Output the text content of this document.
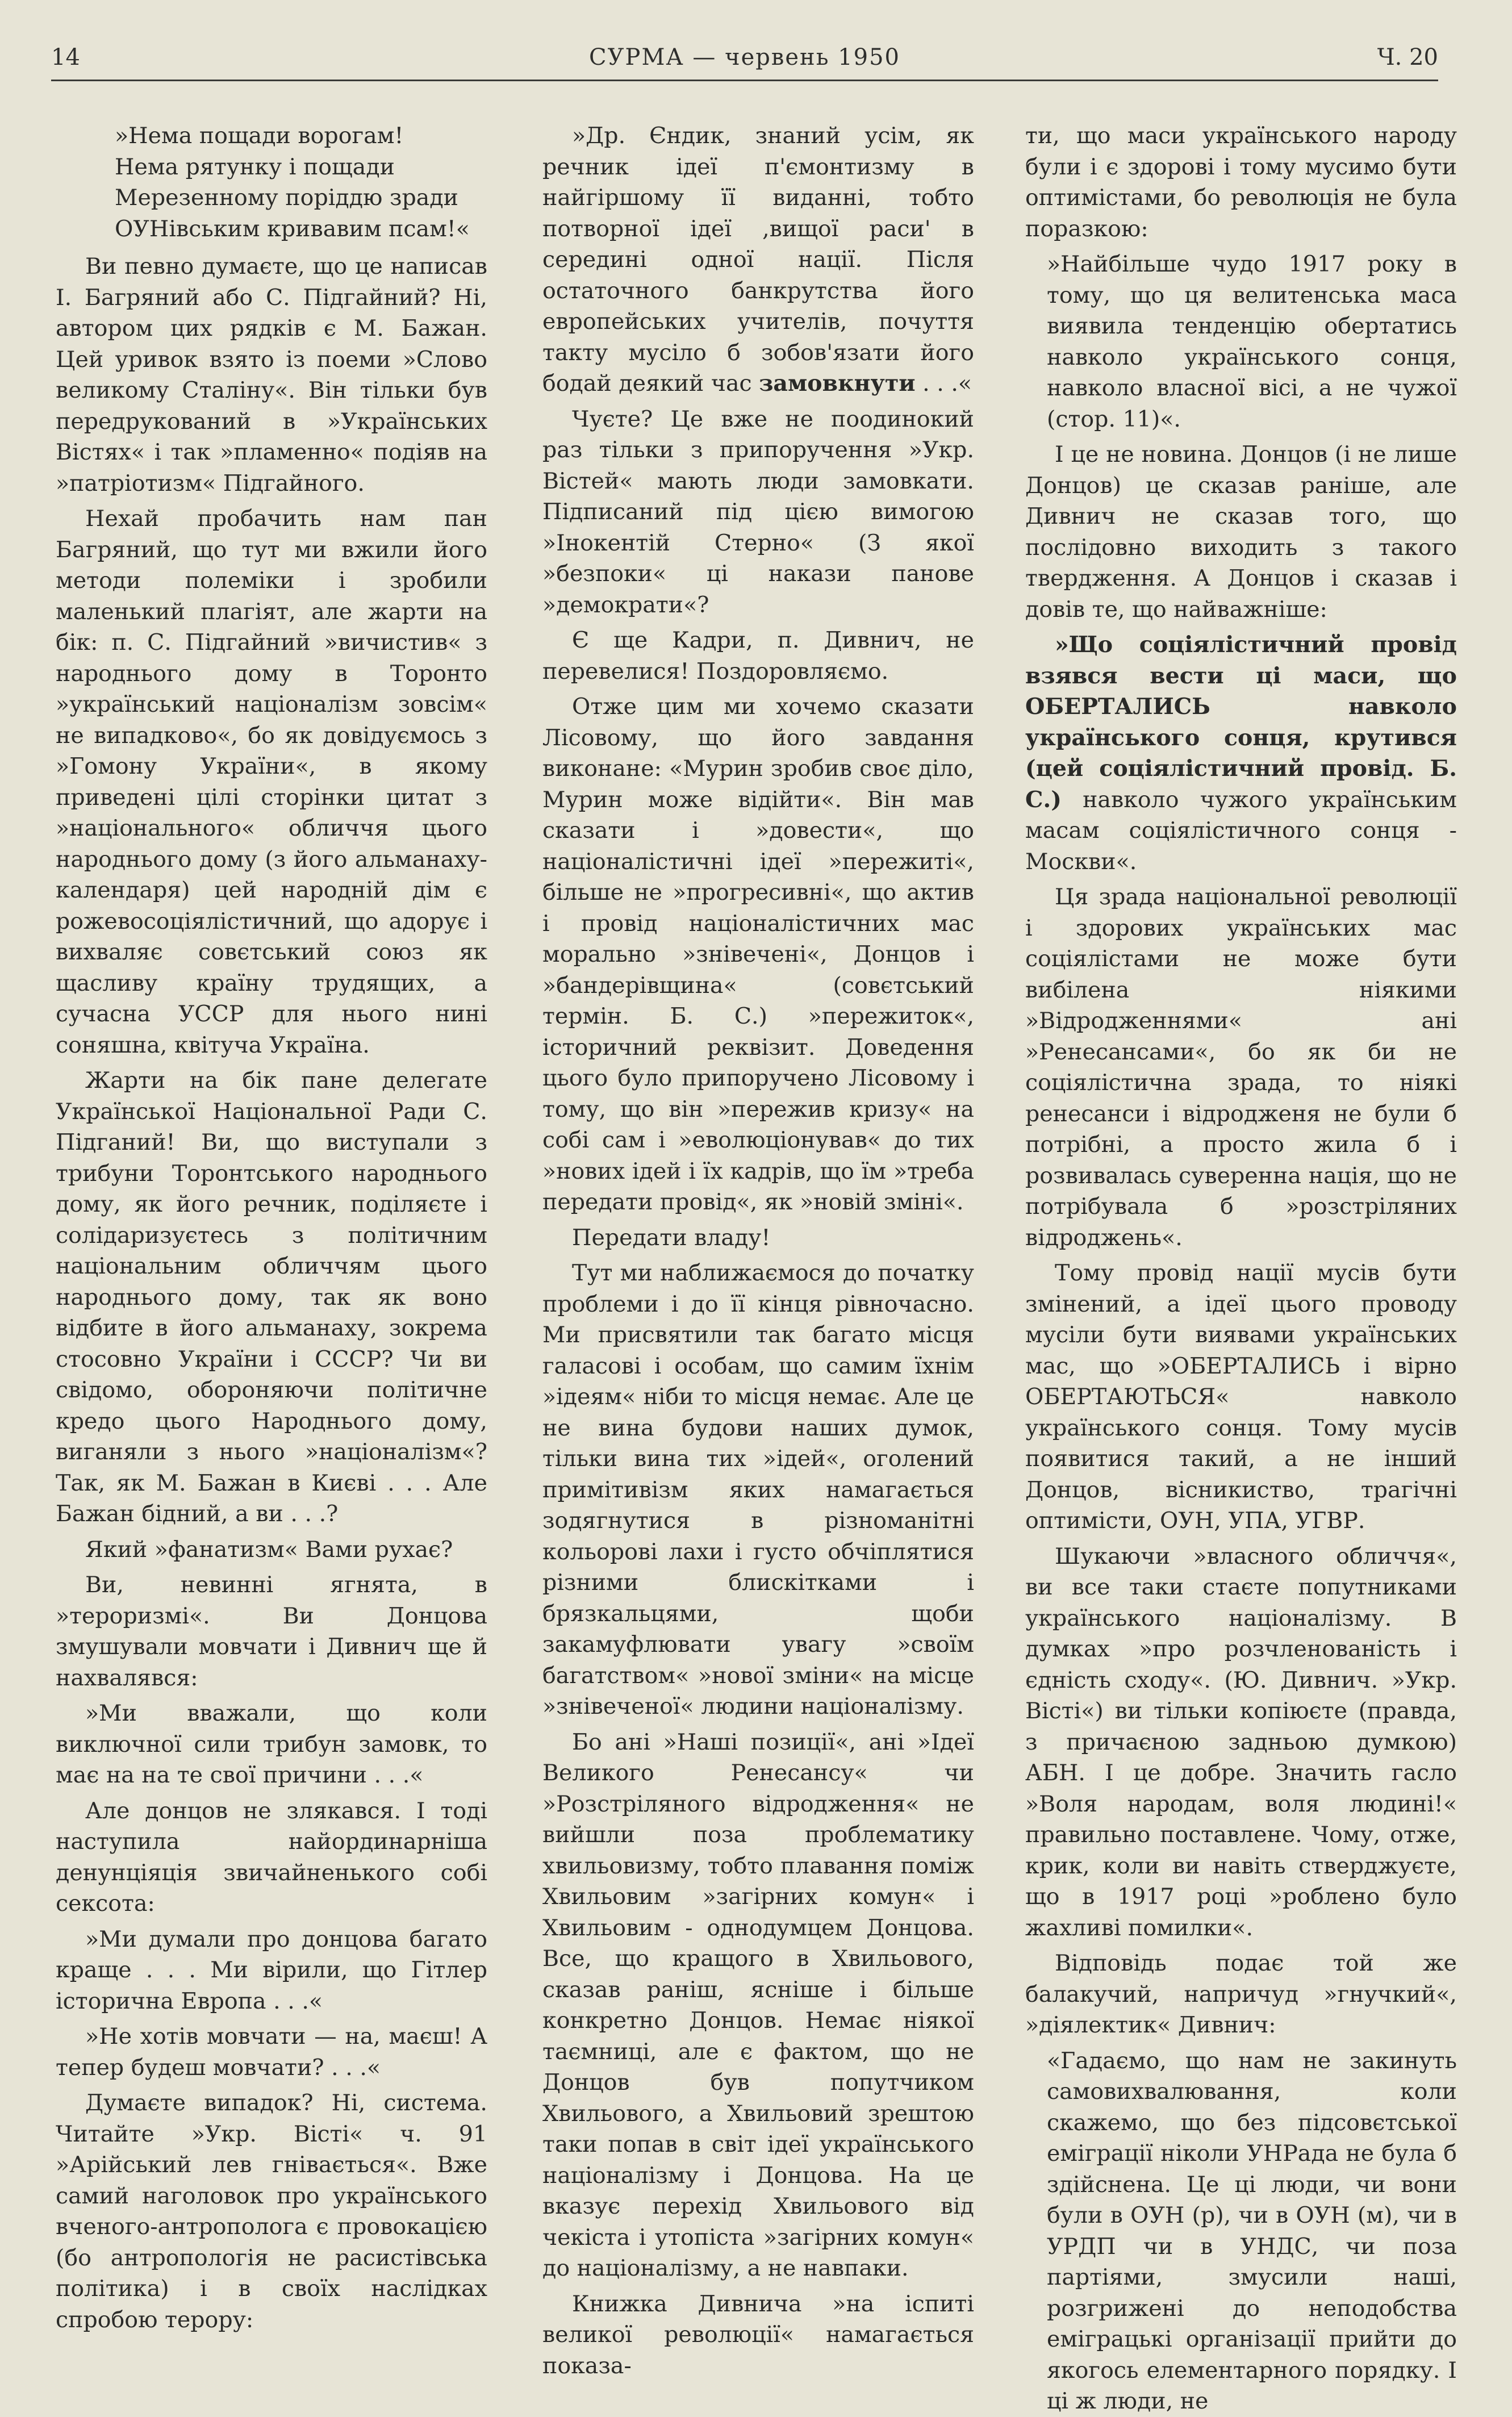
14	СУРМА — червень 1950	Ч. 20

»Нема пощади ворогам!

Нема рятунку і пощади

Мерезенному поріддю зради

ОУНівським кривавим псам!«

Ви певно думаєте, що це написав І. Багряний або С. Підгайний? Ні, автором цих рядків є М. Бажан. Цей уривок взято із поеми »Слово великому Сталіну«. Він тільки був передрукований в »Українських Вістях« і так »пламенно« подіяв на »патріотизм« Підгайного.

Нехай пробачить нам пан Багряний, що тут ми вжили його методи полеміки і зробили маленький плагіят, але жарти на бік: п. С. Підгайний »вичистив« з народнього дому в Торонто »український націоналізм зовсім« не випадково«, бо як довідуємось з »Гомону України«, в якому приведені цілі сторінки цитат з »національного« обличчя цього народнього дому (з його альманаху-календаря) цей народній дім є рожевосоціялістичний, що адорує і вихваляє совєтський союз як щасливу країну трудящих, а сучасна УССР для нього нині соняшна, квітуча Україна.

Жарти на бік пане делегате Української Національної Ради С. Підганий! Ви, що виступали з трибуни Торонтського народнього дому, як його речник, поділяєте і солідаризуєтесь з політичним національним обличчям цього народнього дому, так як воно відбите в його альманаху, зокрема стосовно України і СССР? Чи ви свідомо, обороняючи політичне кредо цього Народнього дому, виганяли з нього »націоналізм«? Так, як М. Бажан в Києві . . . Але Бажан бідний, а ви . . .?

Який »фанатизм« Вами рухає?

Ви, невинні ягнята, в »тероризмі«. Ви Донцова змушували мовчати і Дивнич ще й нахвалявся:

»Ми вважали, що коли виключної сили трибун замовк, то має на на те свої причини . . .«

Але донцов не злякався. І тоді наступила найординарніша денунціяція звичайненького собі сексота:

»Ми думали про донцова багато краще . . . Ми вірили, що Гітлер історична Европа . . .«

»Не хотів мовчати — на, маєш! А тепер будеш мовчати? . . .«

Думаєте випадок? Ні, система. Читайте »Укр. Вісті« ч. 91 »Арійський лев гнівається«. Вже самий наголовок про українського вченого-антрополога є провокацією (бо антропологія не расистівська політика) і в своїх наслідках спробою терору:

»Др. Єндик, знаний усім, як речник ідеї п'ємонтизму в найгіршому її виданні, тобто потворної ідеї ,вищої раси' в середині одної нації. Після остаточного банкрутства його европейських учителів, почуття такту мусіло б зобов'язати його бодай деякий час замовкнути . . .«

Чуєте? Це вже не поодинокий раз тільки з припоручення »Укр. Вістей« мають люди замовкати. Підписаний під цією вимогою »Інокентій Стерно« (З якої »безпоки« ці накази панове »демократи«?

Є ще Кадри, п. Дивнич, не перевелися! Поздоровляємо.

Отже цим ми хочемо сказати Лісовому, що його завдання виконане: «Мурин зробив своє діло, Мурин може відійти«. Він мав сказати і »довести«, що націоналістичні ідеї »пережиті«, більше не »прогресивні«, що актив і провід націоналістичних мас морально »знівечені«, Донцов і »бандерівщина« (совєтський термін. Б. С.) »пережиток«, історичний реквізит. Доведення цього було припоручено Лісовому і тому, що він »пережив кризу« на собі сам і »еволюціонував« до тих »нових ідей і їх кадрів, що їм »треба передати провід«, як »новій зміні«.

Передати владу!

Тут ми наближаємося до початку проблеми і до її кінця рівночасно. Ми присвятили так багато місця галасові і особам, що самим їхнім »ідеям« ніби то місця немає. Але це не вина будови наших думок, тільки вина тих »ідей«, оголений примітивізм яких намагається зодягнутися в різноманітні кольорові лахи і густо обчіплятися різними блискітками і брязкальцями, щоби закамуфлювати увагу »своїм багатством« »нової зміни« на місце »знівеченої« людини націоналізму.

Бо ані »Наші позиції«, ані »Ідеї Великого Ренесансу« чи »Розстріляного відродження« не вийшли поза проблематику хвильовизму, тобто плавання поміж Хвильовим »загірних комун« і Хвильовим - однодумцем Донцова. Все, що кращого в Хвильового, сказав раніш, ясніше і більше конкретно Донцов. Немає ніякої таємниці, але є фактом, що не Донцов був попутчиком Хвильового, а Хвильовий зрештою таки попав в світ ідеї українського націоналізму і Донцова. На це вказує перехід Хвильового від чекіста і утопіста »загірних комун« до націоналізму, а не навпаки.

Книжка Дивнича »на іспиті великої революції« намагається показа-

ти, що маси українського народу були і є здорові і тому мусимо бути оптимістами, бо революція не була поразкою:

»Найбільше чудо 1917 року в тому, що ця велитенська маса виявила тенденцію обертатись навколо українського сонця, навколо власної вісі, а не чужої (стор. 11)«.

І це не новина. Донцов (і не лише Донцов) це сказав раніше, але Дивнич не сказав того, що послідовно виходить з такого твердження. А Донцов і сказав і довів те, що найважніше:

»Що соціялістичний провід взявся вести ці маси, що ОБЕРТАЛИСЬ навколо українського сонця, крутився (цей соціялістичний провід. Б. С.) навколо чужого українським масам соціялістичного сонця - Москви«.

Ця зрада національної революції і здорових українських мас соціялістами не може бути вибілена ніякими »Відродженнями« ані »Ренесансами«, бо як би не соціялістична зрада, то ніякі ренесанси і відродженя не були б потрібні, а просто жила б і розвивалась суверенна нація, що не потрібувала б »розстріляних відроджень«.

Тому провід нації мусів бути змінений, а ідеї цього проводу мусіли бути виявами українських мас, що »ОБЕРТАЛИСЬ і вірно ОБЕРТАЮТЬСЯ« навколо українського сонця. Тому мусів появитися такий, а не інший Донцов, вісникиство, трагічні оптимісти, ОУН, УПА, УГВР.

Шукаючи »власного обличчя«, ви все таки стаєте попутниками українського націоналізму. В думках »про розчленованість і єдність сходу«. (Ю. Дивнич. »Укр. Вісті«) ви тільки копіюєте (правда, з причаєною задньою думкою) АБН. І це добре. Значить гасло »Воля народам, воля людині!« правильно поставлене. Чому, отже, крик, коли ви навіть стверджуєте, що в 1917 році »роблено було жахливі помилки«.

Відповідь подає той же балакучий, напричуд »гнучкий«, »діялектик« Дивнич:

«Гадаємо, що нам не закинуть самовихвалювання, коли скажемо, що без підсовєтської еміграції ніколи УНРада не була б здійснена. Це ці люди, чи вони були в ОУН (р), чи в ОУН (м), чи в УРДП чи в УНДС, чи поза партіями, змусили наші, розгрижені до неподобства еміграцькі організації прийти до якогось елементарного порядку. І ці ж люди, не
